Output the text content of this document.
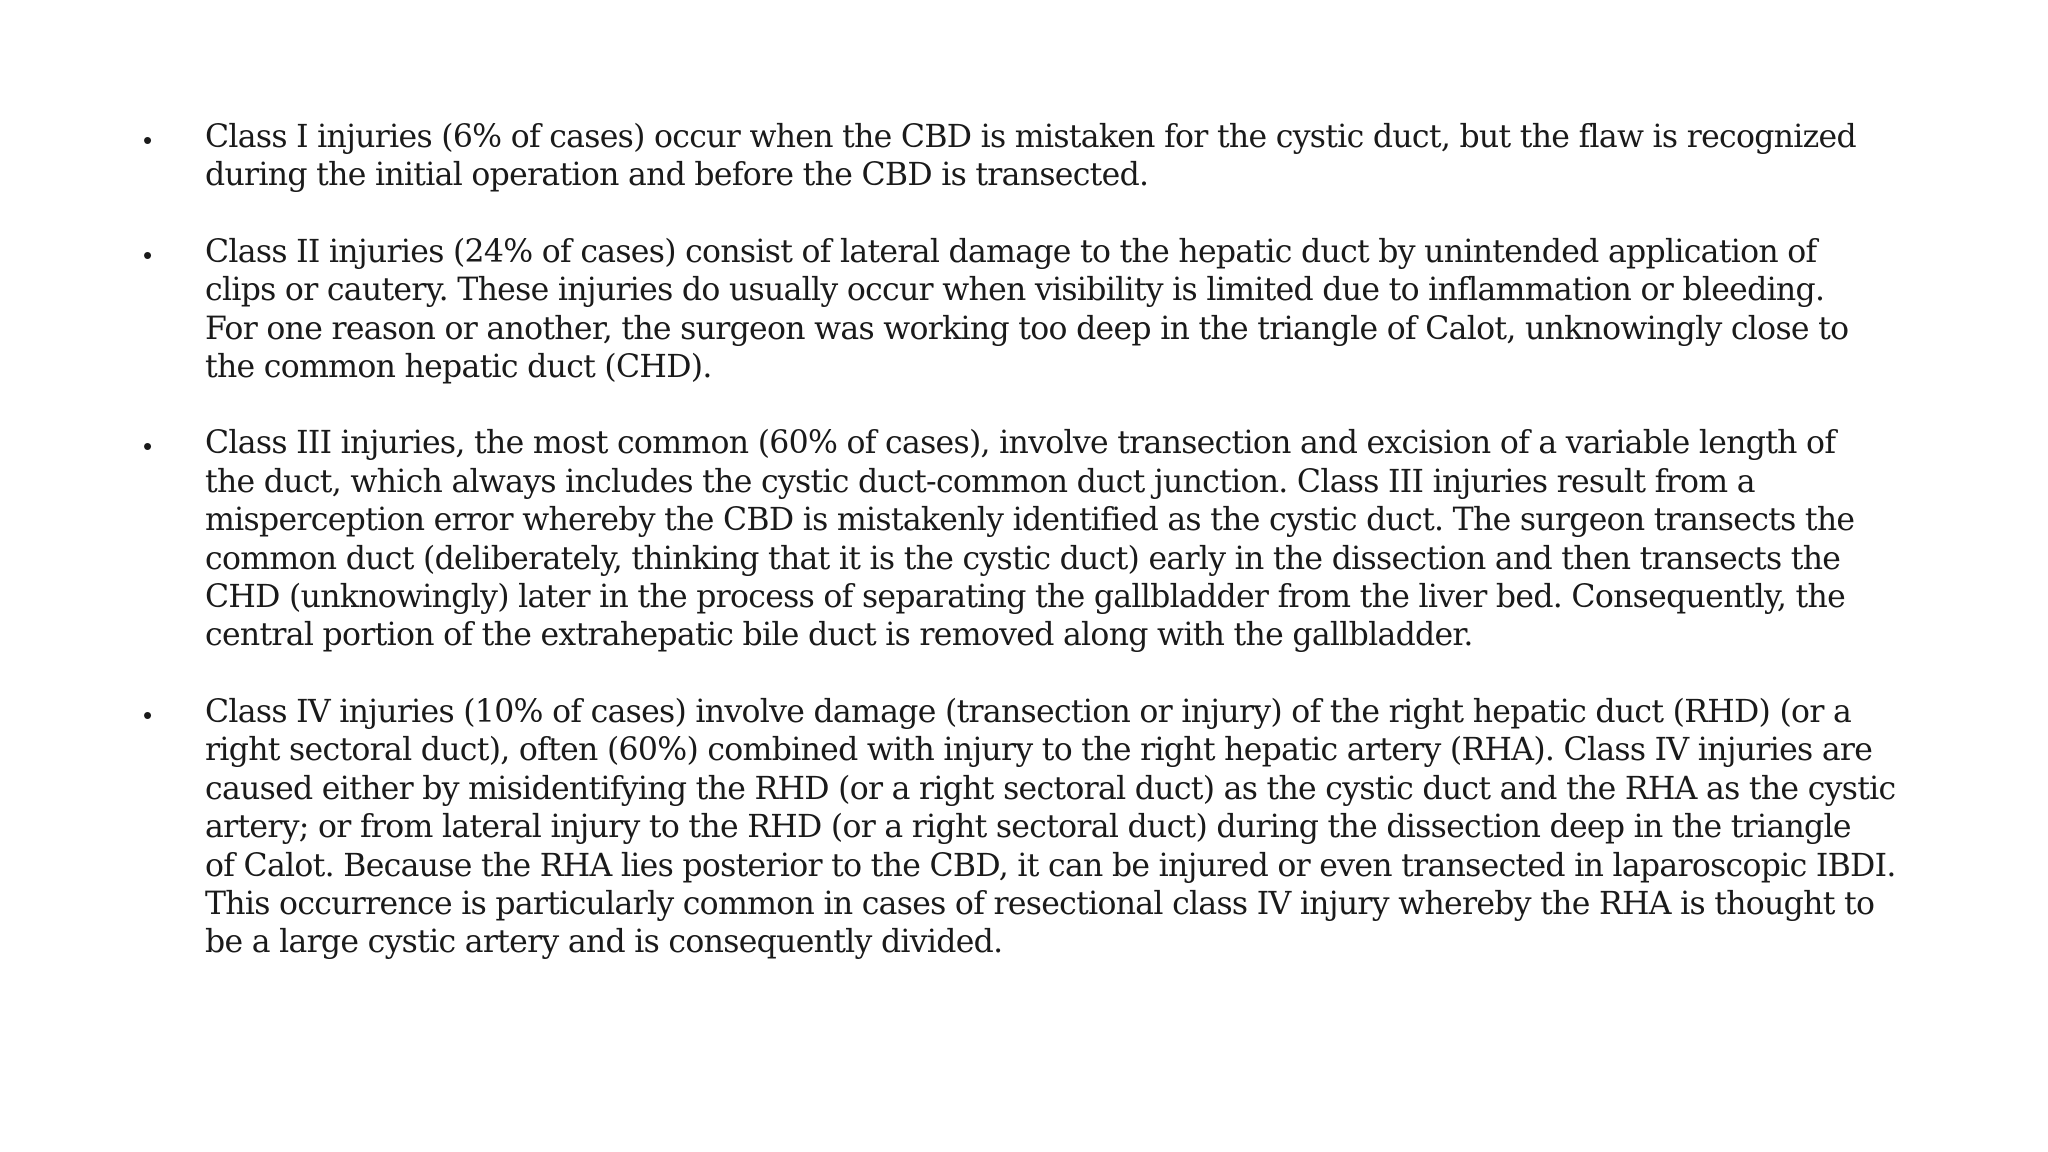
• Class I injuries (6% of cases) occur when the CBD is mistaken for the cystic duct, but the flaw is recognized
during the initial operation and before the CBD is transected.
• Class II injuries (24% of cases) consist of lateral damage to the hepatic duct by unintended application of
clips or cautery. These injuries do usually occur when visibility is limited due to inflammation or bleeding.
For one reason or another, the surgeon was working too deep in the triangle of Calot, unknowingly close to
the common hepatic duct (CHD).
• Class III injuries, the most common (60% of cases), involve transection and excision of a variable length of
the duct, which always includes the cystic duct-common duct junction. Class III injuries result from a
misperception error whereby the CBD is mistakenly identified as the cystic duct. The surgeon transects the
common duct (deliberately, thinking that it is the cystic duct) early in the dissection and then transects the
CHD (unknowingly) later in the process of separating the gallbladder from the liver bed. Consequently, the
central portion of the extrahepatic bile duct is removed along with the gallbladder.
• Class IV injuries (10% of cases) involve damage (transection or injury) of the right hepatic duct (RHD) (or a
right sectoral duct), often (60%) combined with injury to the right hepatic artery (RHA). Class IV injuries are
caused either by misidentifying the RHD (or a right sectoral duct) as the cystic duct and the RHA as the cystic
artery; or from lateral injury to the RHD (or a right sectoral duct) during the dissection deep in the triangle
of Calot. Because the RHA lies posterior to the CBD, it can be injured or even transected in laparoscopic IBDI.
This occurrence is particularly common in cases of resectional class IV injury whereby the RHA is thought to
be a large cystic artery and is consequently divided.
